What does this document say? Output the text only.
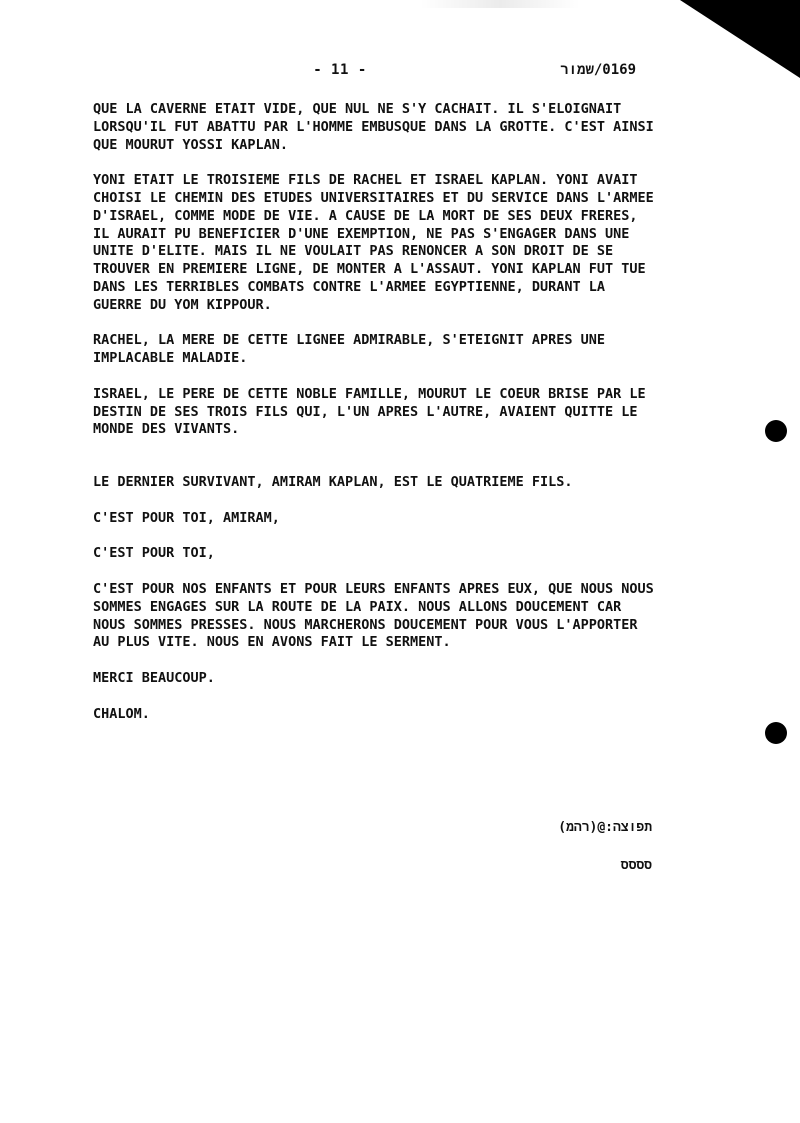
- 11 -	0169/שמור
QUE LA CAVERNE ETAIT VIDE, QUE NUL NE S'Y CACHAIT. IL S'ELOIGNAIT
LORSQU'IL FUT ABATTU PAR L'HOMME EMBUSQUE DANS LA GROTTE. C'EST AINSI
QUE MOURUT YOSSI KAPLAN.
YONI ETAIT LE TROISIEME FILS DE RACHEL ET ISRAEL KAPLAN. YONI AVAIT
CHOISI LE CHEMIN DES ETUDES UNIVERSITAIRES ET DU SERVICE DANS L'ARMEE
D'ISRAEL, COMME MODE DE VIE. A CAUSE DE LA MORT DE SES DEUX FRERES,
IL AURAIT PU BENEFICIER D'UNE EXEMPTION, NE PAS S'ENGAGER DANS UNE
UNITE D'ELITE. MAIS IL NE VOULAIT PAS RENONCER A SON DROIT DE SE
TROUVER EN PREMIERE LIGNE, DE MONTER A L'ASSAUT. YONI KAPLAN FUT TUE
DANS LES TERRIBLES COMBATS CONTRE L'ARMEE EGYPTIENNE, DURANT LA
GUERRE DU YOM KIPPOUR.
RACHEL, LA MERE DE CETTE LIGNEE ADMIRABLE, S'ETEIGNIT APRES UNE
IMPLACABLE MALADIE.
ISRAEL, LE PERE DE CETTE NOBLE FAMILLE, MOURUT LE COEUR BRISE PAR LE
DESTIN DE SES TROIS FILS QUI, L'UN APRES L'AUTRE, AVAIENT QUITTE LE
MONDE DES VIVANTS.
LE DERNIER SURVIVANT, AMIRAM KAPLAN, EST LE QUATRIEME FILS.
C'EST POUR TOI, AMIRAM,
C'EST POUR TOI,
C'EST POUR NOS ENFANTS ET POUR LEURS ENFANTS APRES EUX, QUE NOUS NOUS
SOMMES ENGAGES SUR LA ROUTE DE LA PAIX. NOUS ALLONS DOUCEMENT CAR
NOUS SOMMES PRESSES. NOUS MARCHERONS DOUCEMENT POUR VOUS L'APPORTER
AU PLUS VITE. NOUS EN AVONS FAIT LE SERMENT.
MERCI BEAUCOUP.
CHALOM.
תפוצה:@(רהמ)
סססס
